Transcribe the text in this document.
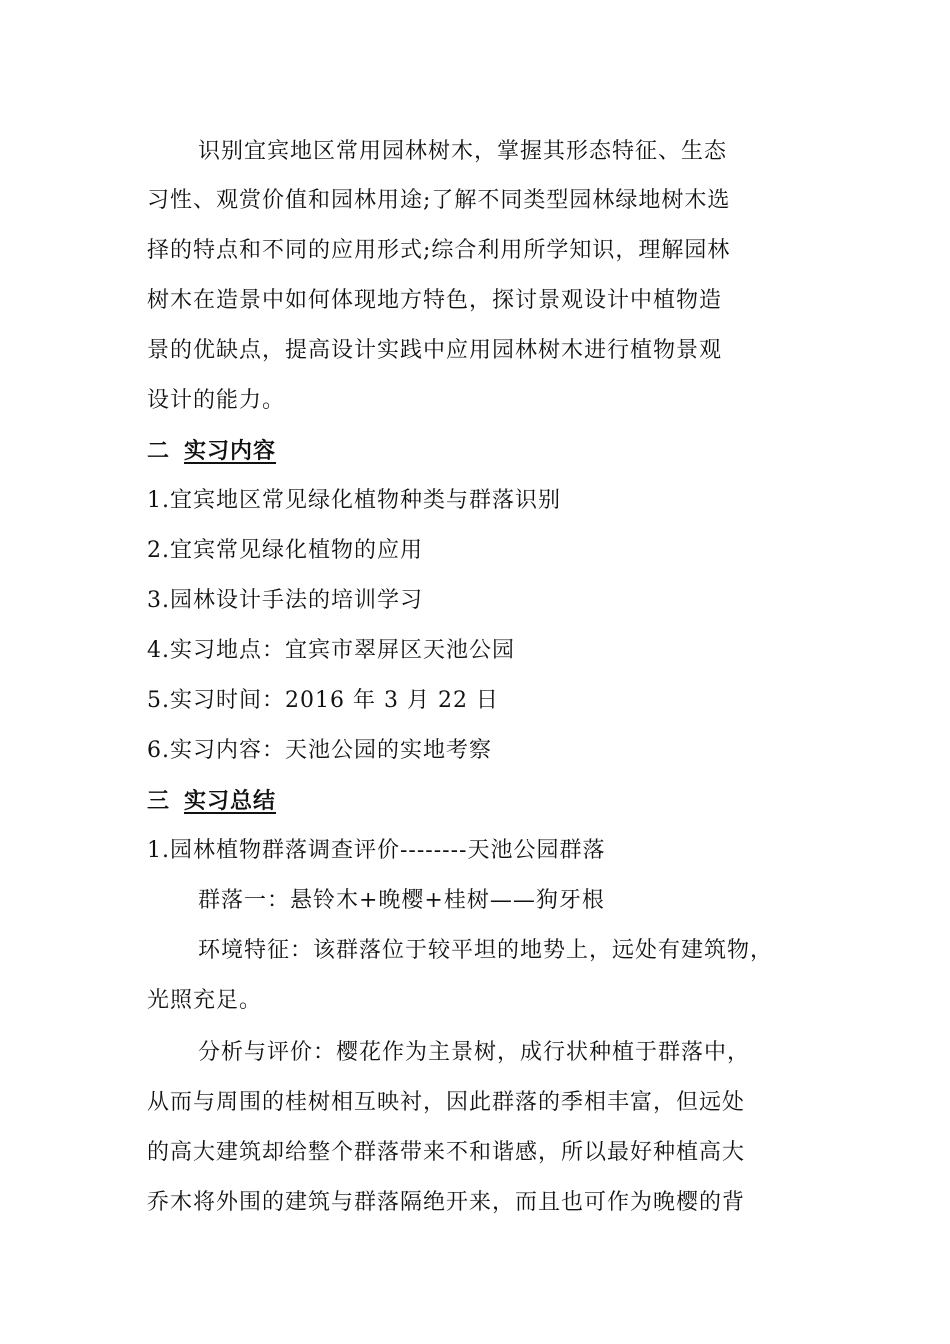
识别宜宾地区常用园林树木，掌握其形态特征、生态
习性、观赏价值和园林用途;了解不同类型园林绿地树木选
择的特点和不同的应用形式;综合利用所学知识，理解园林
树木在造景中如何体现地方特色，探讨景观设计中植物造
景的优缺点，提高设计实践中应用园林树木进行植物景观
设计的能力。
二 实习内容
1.宜宾地区常见绿化植物种类与群落识别
2.宜宾常见绿化植物的应用
3.园林设计手法的培训学习
4.实习地点：宜宾市翠屏区天池公园
5.实习时间：2016 年 3 月 22 日
6.实习内容：天池公园的实地考察
三 实习总结
1.园林植物群落调查评价--------天池公园群落
群落一：悬铃木+晚樱+桂树——狗牙根
环境特征：该群落位于较平坦的地势上，远处有建筑物，
光照充足。
分析与评价：樱花作为主景树，成行状种植于群落中，
从而与周围的桂树相互映衬，因此群落的季相丰富，但远处
的高大建筑却给整个群落带来不和谐感，所以最好种植高大
乔木将外围的建筑与群落隔绝开来，而且也可作为晚樱的背
